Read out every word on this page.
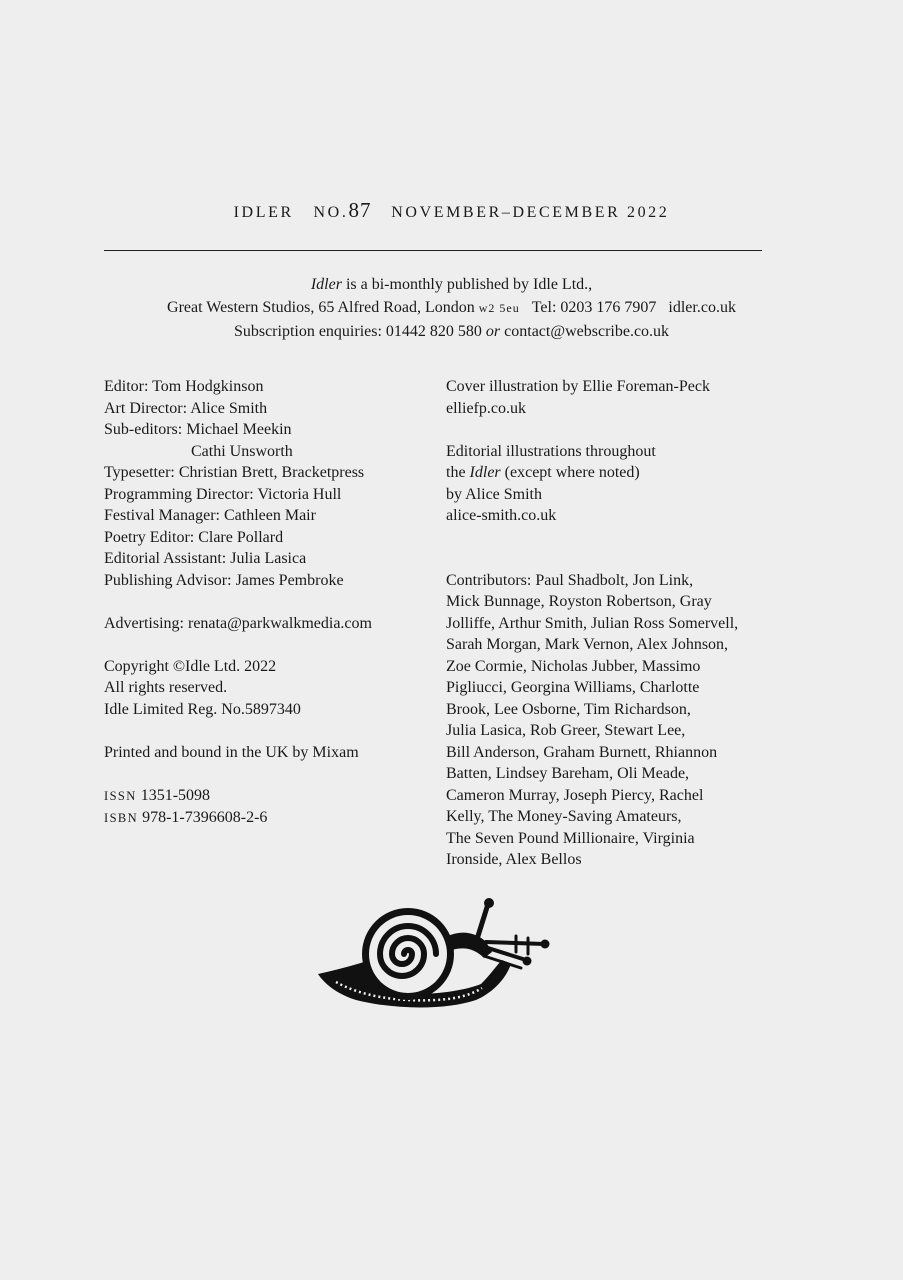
IDLER NO.87 NOVEMBER–DECEMBER 2022
Idler is a bi-monthly published by Idle Ltd.,
Great Western Studios, 65 Alfred Road, London w2 5eu Tel: 0203 176 7907 idler.co.uk
Subscription enquiries: 01442 820 580 or contact@webscribe.co.uk
Editor: Tom Hodgkinson
Art Director: Alice Smith
Sub-editors: Michael Meekin
Cathi Unsworth
Typesetter: Christian Brett, Bracketpress
Programming Director: Victoria Hull
Festival Manager: Cathleen Mair
Poetry Editor: Clare Pollard
Editorial Assistant: Julia Lasica
Publishing Advisor: James Pembroke
Advertising: renata@parkwalkmedia.com
Copyright ©Idle Ltd. 2022
All rights reserved.
Idle Limited Reg. No.5897340
Printed and bound in the UK by Mixam
ISSN 1351-5098
ISBN 978-1-7396608-2-6
Cover illustration by Ellie Foreman-Peck
elliefp.co.uk
Editorial illustrations throughout
the Idler (except where noted)
by Alice Smith
alice-smith.co.uk
Contributors: Paul Shadbolt, Jon Link,
Mick Bunnage, Royston Robertson, Gray
Jolliffe, Arthur Smith, Julian Ross Somervell,
Sarah Morgan, Mark Vernon, Alex Johnson,
Zoe Cormie, Nicholas Jubber, Massimo
Pigliucci, Georgina Williams, Charlotte
Brook, Lee Osborne, Tim Richardson,
Julia Lasica, Rob Greer, Stewart Lee,
Bill Anderson, Graham Burnett, Rhiannon
Batten, Lindsey Bareham, Oli Meade,
Cameron Murray, Joseph Piercy, Rachel
Kelly, The Money-Saving Amateurs,
The Seven Pound Millionaire, Virginia
Ironside, Alex Bellos
